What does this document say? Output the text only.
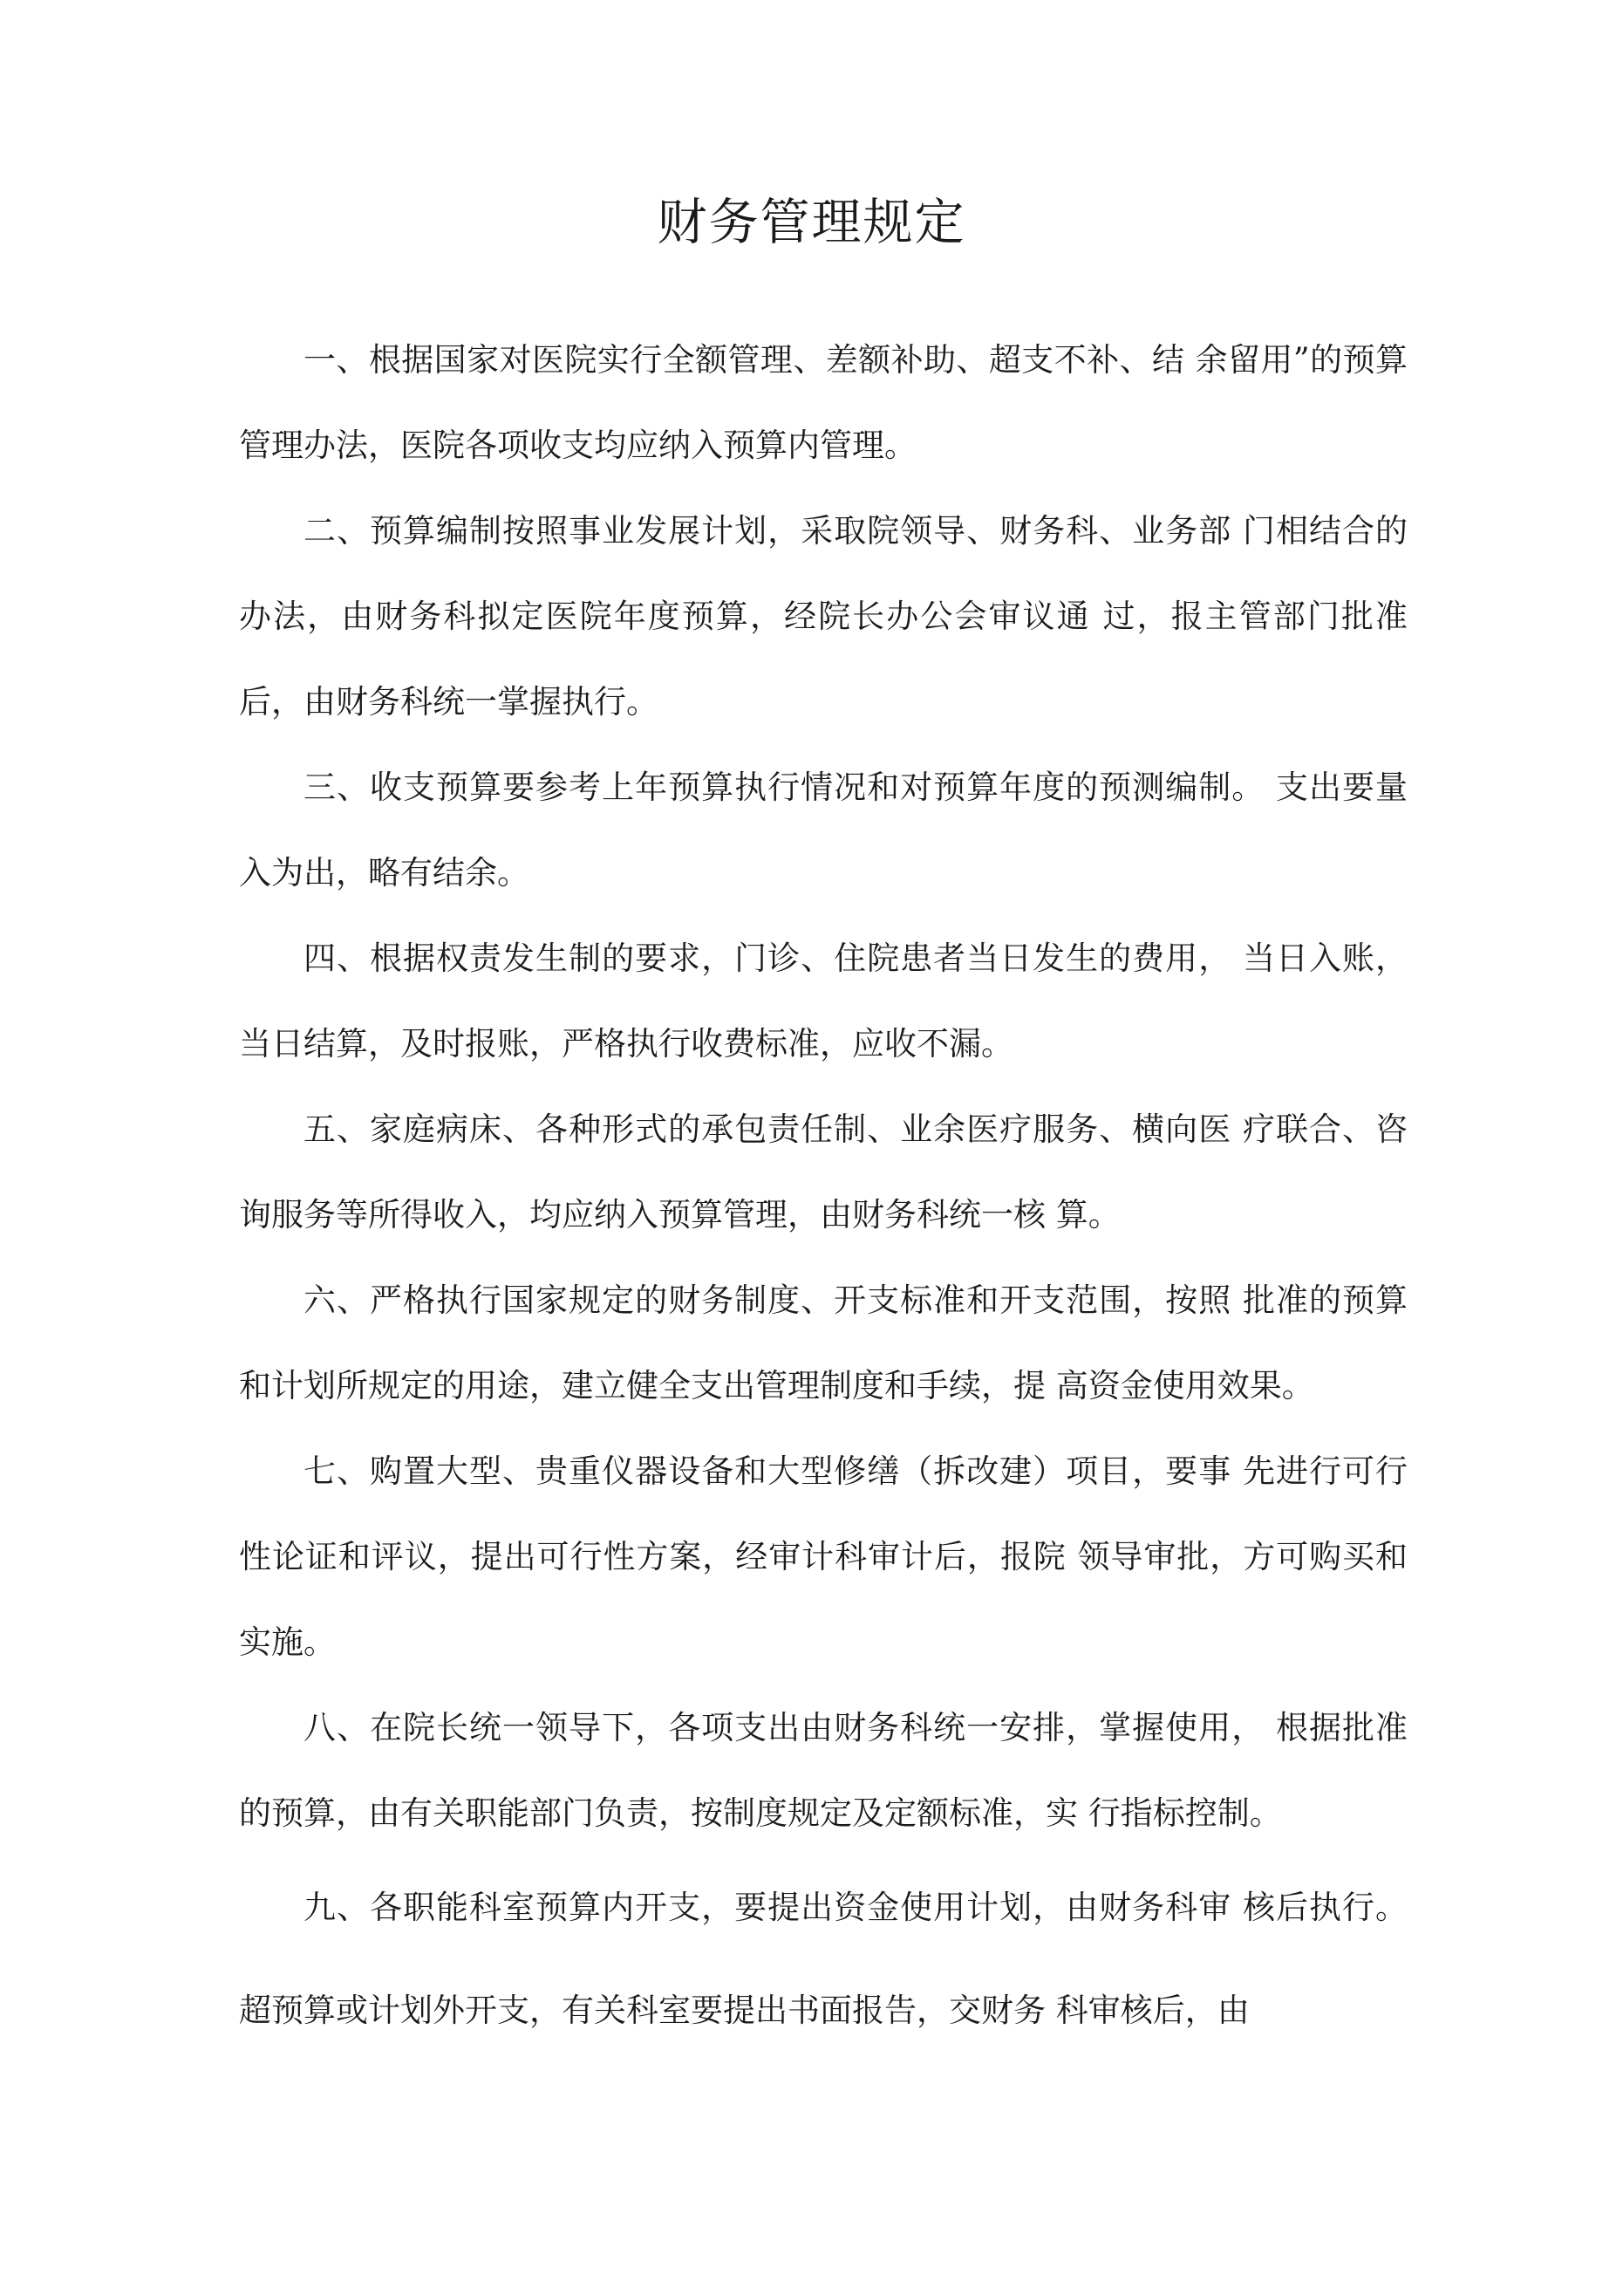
财务管理规定

一、根据国家对医院实行全额管理、差额补助、超支不补、结 余留用”的预算管理办法，医院各项收支均应纳入预算内管理。

二、预算编制按照事业发展计划，采取院领导、财务科、业务部 门相结合的办法，由财务科拟定医院年度预算，经院长办公会审议通 过，报主管部门批准后，由财务科统一掌握执行。

三、收支预算要参考上年预算执行情况和对预算年度的预测编制。 支出要量入为出，略有结余。

四、根据权责发生制的要求，门诊、住院患者当日发生的费用， 当日入账，当日结算，及时报账，严格执行收费标准，应收不漏。

五、家庭病床、各种形式的承包责任制、业余医疗服务、横向医 疗联合、咨询服务等所得收入，均应纳入预算管理，由财务科统一核 算。

六、严格执行国家规定的财务制度、开支标准和开支范围，按照 批准的预算和计划所规定的用途，建立健全支出管理制度和手续，提 高资金使用效果。

七、购置大型、贵重仪器设备和大型修缮（拆改建）项目，要事 先进行可行性论证和评议，提出可行性方案，经审计科审计后，报院 领导审批，方可购买和实施。

八、在院长统一领导下，各项支出由财务科统一安排，掌握使用， 根据批准的预算，由有关职能部门负责，按制度规定及定额标准，实 行指标控制。

九、各职能科室预算内开支，要提出资金使用计划，由财务科审 核后执行。超预算或计划外开支，有关科室要提出书面报告，交财务 科审核后，由
